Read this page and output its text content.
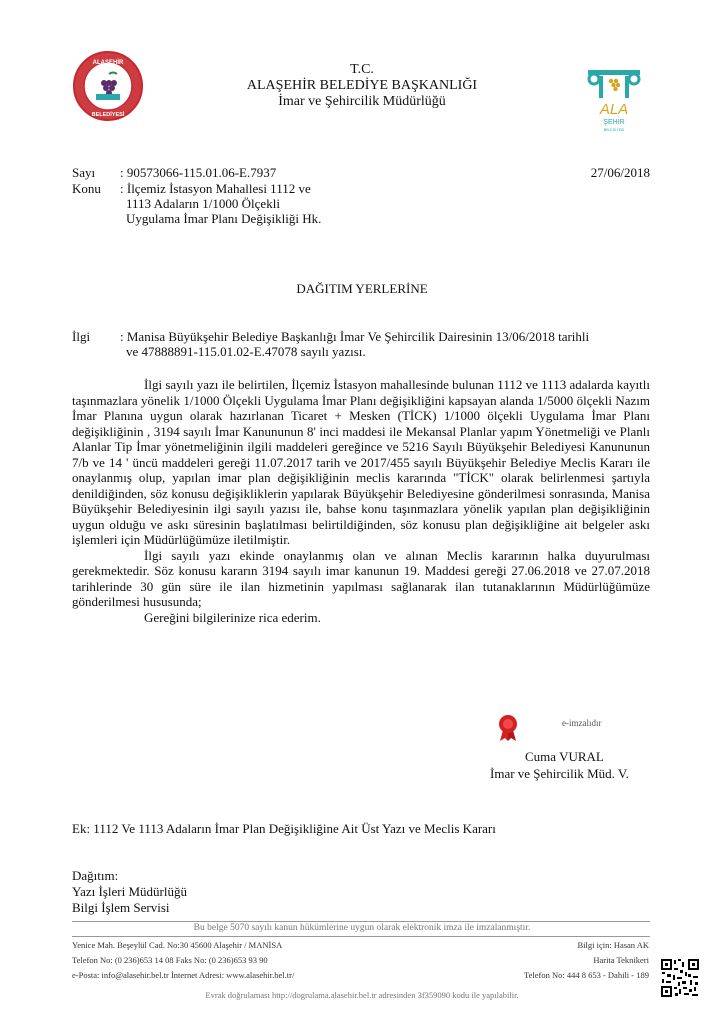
ALAŞEHİR
BELEDİYESİ
T.C.
ALAŞEHİR BELEDİYE BAŞKANLIĞI
İmar ve Şehircilik Müdürlüğü	ALA
ŞEHİR
BELEDİYESİ
Sayı : 90573066-115.01.06-E.7937	27/06/2018
Konu : İlçemiz İstasyon Mahallesi 1112 ve
1113 Adaların 1/1000 Ölçekli
Uygulama İmar Planı Değişikliği Hk.
DAĞITIM YERLERİNE
İlgi : Manisa Büyükşehir Belediye Başkanlığı İmar Ve Şehircilik Dairesinin 13/06/2018 tarihli
ve 47888891-115.01.02-E.47078 sayılı yazısı.

İlgi sayılı yazı ile belirtilen, İlçemiz İstasyon mahallesinde bulunan 1112 ve 1113 adalarda kayıtlı taşınmazlara yönelik 1/1000 Ölçekli Uygulama İmar Planı değişikliğini kapsayan alanda 1/5000 ölçekli Nazım İmar Planına uygun olarak hazırlanan Ticaret + Mesken (TİCK) 1/1000 ölçekli Uygulama İmar Planı değişikliğinin , 3194 sayılı İmar Kanununun 8' inci maddesi ile Mekansal Planlar yapım Yönetmeliği ve Planlı Alanlar Tip İmar yönetmeliğinin ilgili maddeleri gereğince ve 5216 Sayılı Büyükşehir Belediyesi Kanununun 7/b ve 14 ' üncü maddeleri gereği 11.07.2017 tarih ve 2017/455 sayılı Büyükşehir Belediye Meclis Kararı ile onaylanmış olup, yapılan imar plan değişikliğinin meclis kararında "TİCK" olarak belirlenmesi şartıyla denildiğinden, söz konusu değişikliklerin yapılarak Büyükşehir Belediyesine gönderilmesi sonrasında, Manisa Büyükşehir Belediyesinin ilgi sayılı yazısı ile, bahse konu taşınmazlara yönelik yapılan plan değişikliğinin uygun olduğu ve askı süresinin başlatılması belirtildiğinden, söz konusu plan değişikliğine ait belgeler askı işlemleri için Müdürlüğümüze iletilmiştir.

İlgi sayılı yazı ekinde onaylanmış olan ve alınan Meclis kararının halka duyurulması gerekmektedir. Söz konusu kararın 3194 sayılı imar kanunun 19. Maddesi gereği 27.06.2018 ve 27.07.2018 tarihlerinde 30 gün süre ile ilan hizmetinin yapılması sağlanarak ilan tutanaklarının Müdürlüğümüze gönderilmesi hususunda;

Gereğini bilgilerinize rica ederim.

e-imzalıdır
Cuma VURAL
İmar ve Şehircilik Müd. V.
Ek: 1112 Ve 1113 Adaların İmar Plan Değişikliğine Ait Üst Yazı ve Meclis Kararı
Dağıtım:
Yazı İşleri Müdürlüğü
Bilgi İşlem Servisi
Bu belge 5070 sayılı kanun hükümlerine uygun olarak elektronik imza ile imzalanmıştır.
Yenice Mah. Beşeylül Cad. No:30 45600 Alaşehir / MANİSA
Telefon No: (0 236)653 14 08 Faks No: (0 236)653 93 90
e-Posta: info@alasehir.bel.tr İnternet Adresi: www.alasehir.bel.tr/
Bilgi için: Hasan AK
Harita Teknikeri
Telefon No: 444 8 653 - Dahili - 189
Evrak doğrulaması http://dogrulama.alasehir.bel.tr adresinden 3f359090 kodu ile yapılabilir.
